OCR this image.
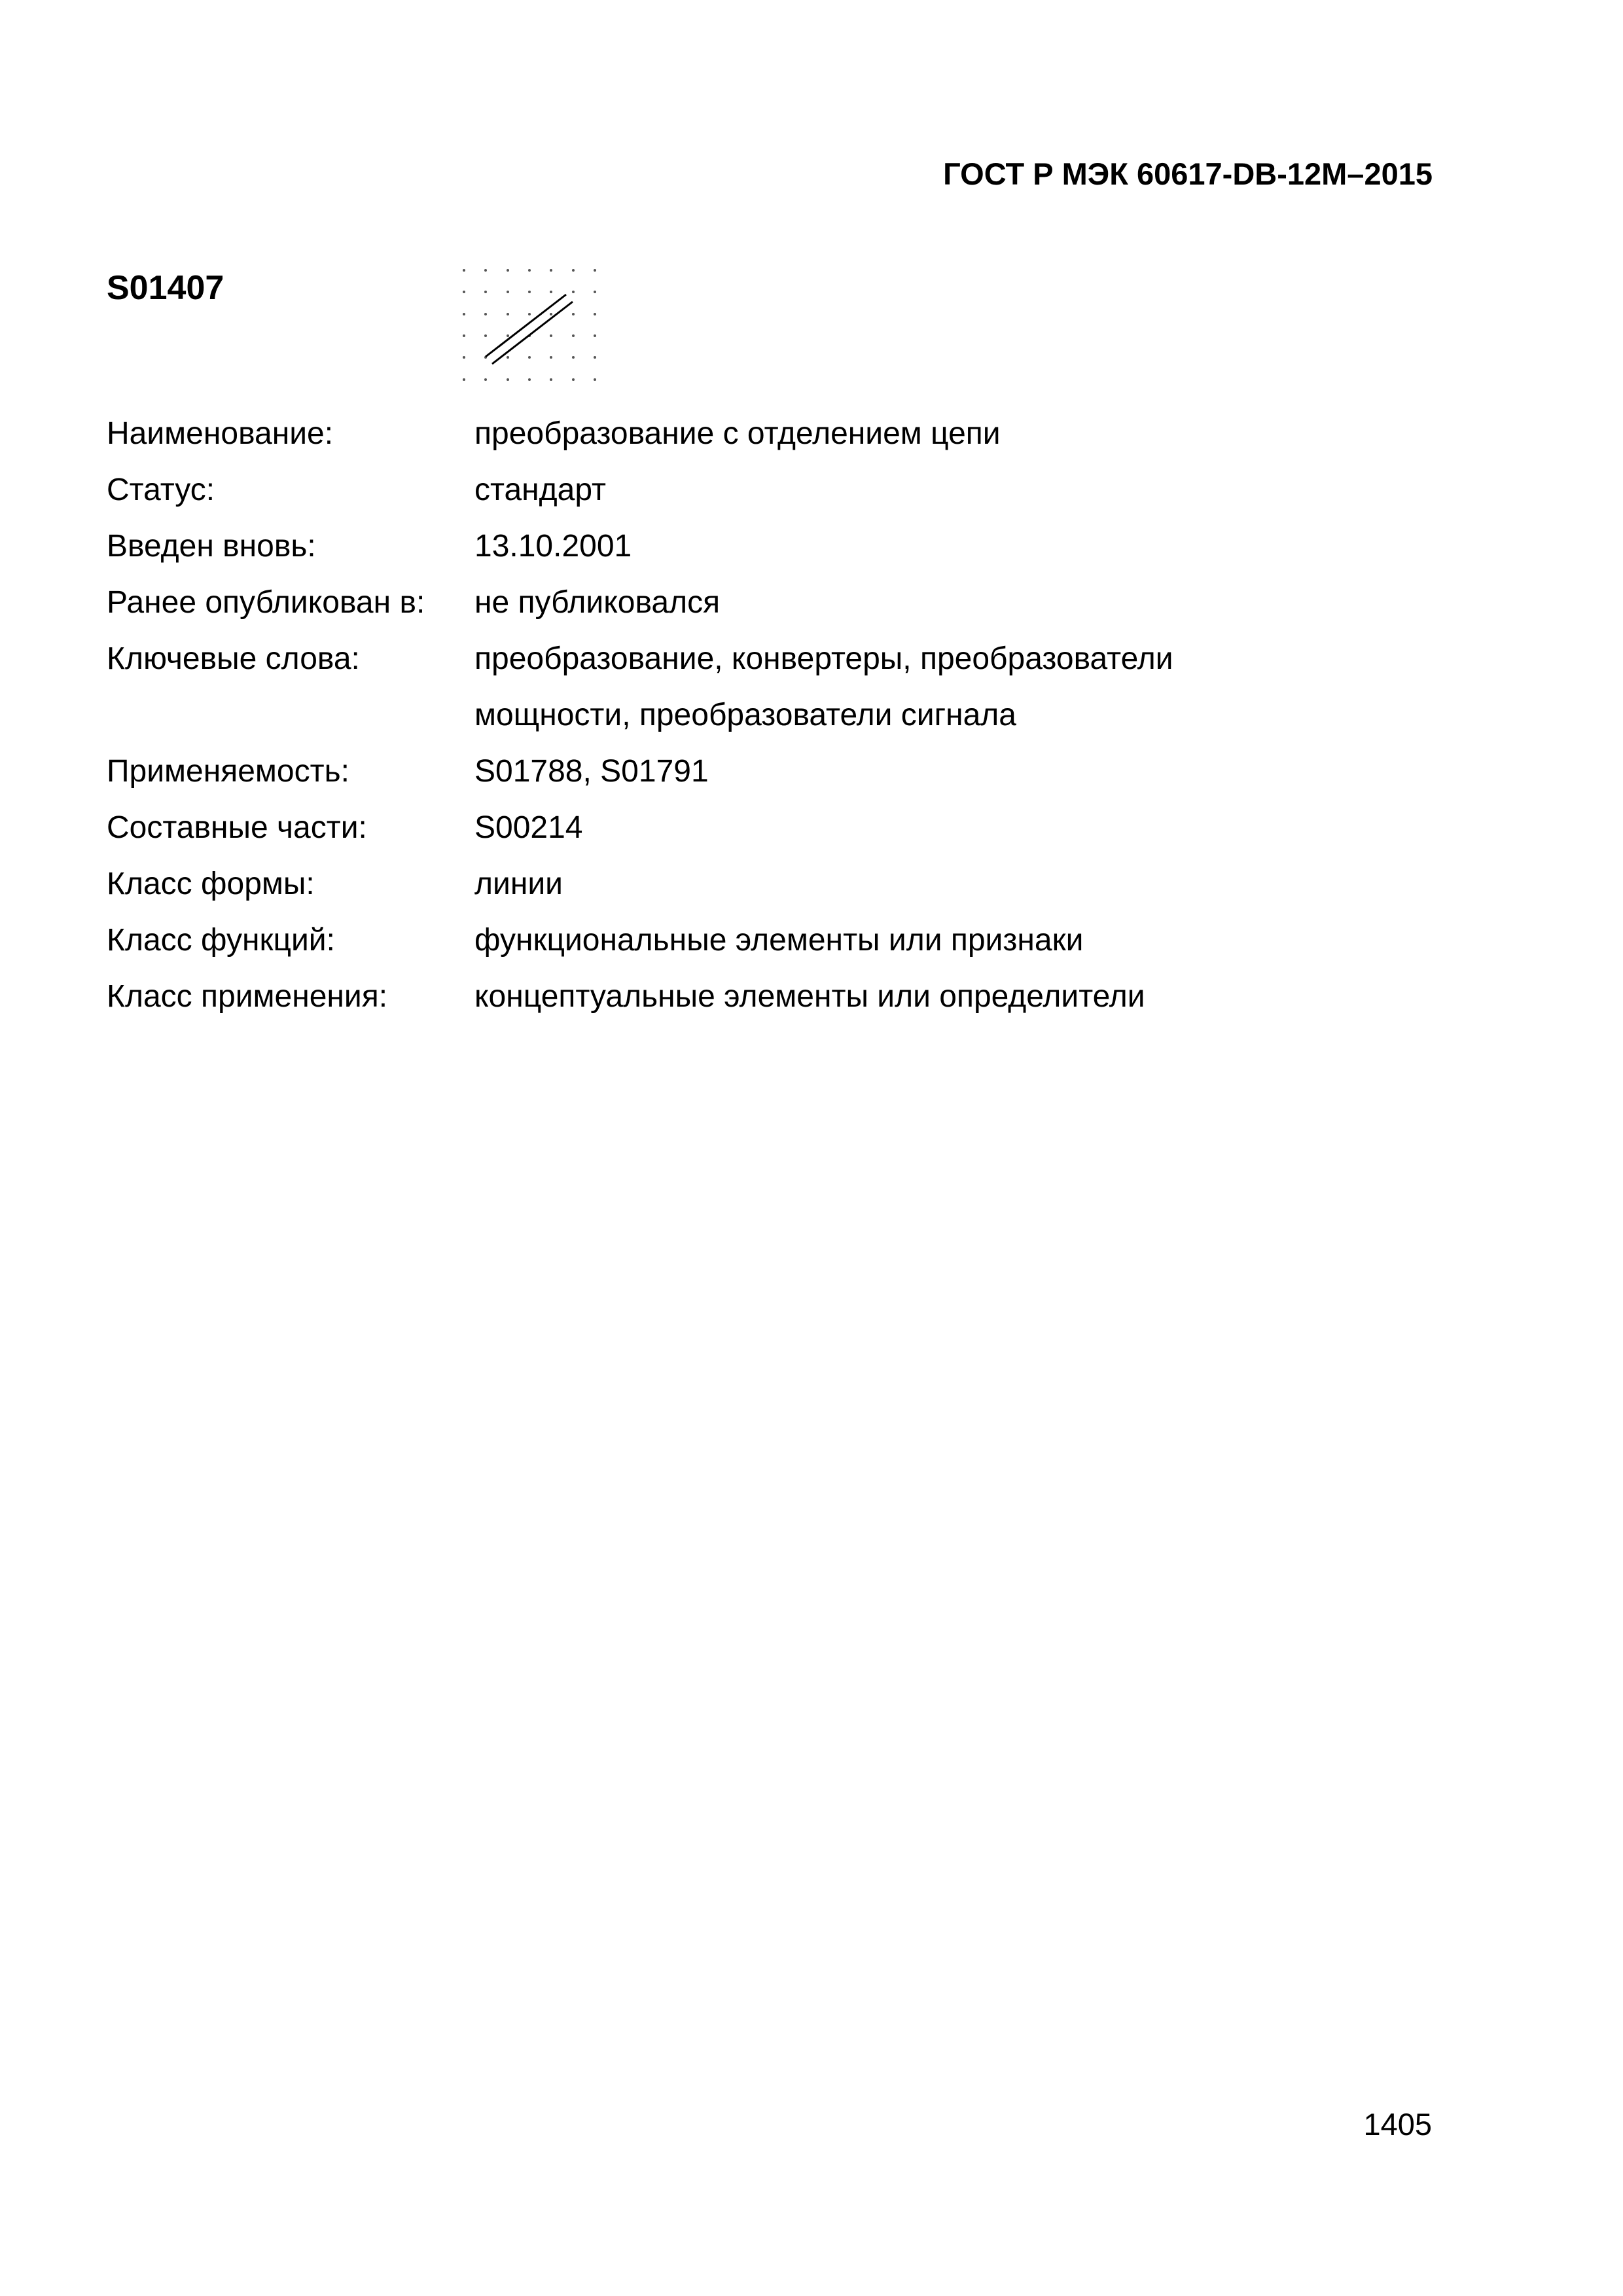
ГОСТ Р МЭК 60617-DB-12M–2015
S01407
Наименование:	преобразование с отделением цепи
Статус:	стандарт
Введен вновь:	13.10.2001
Ранее опубликован в:	не публиковался
Ключевые слова:	преобразование, конвертеры, преобразователи
мощности, преобразователи сигнала
Применяемость:	S01788, S01791
Составные части:	S00214
Класс формы:	линии
Класс функций:	функциональные элементы или признаки
Класс применения:	концептуальные элементы или определители
1405
